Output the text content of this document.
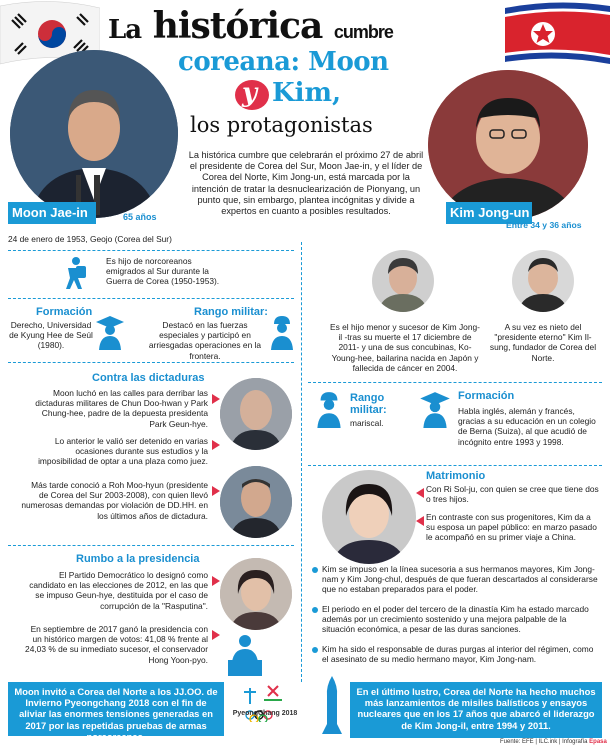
La histórica cumbre
coreana: Moon
y Kim,
los protagonistas
Moon Jae-in	65 años	Kim Jong-un
Entre 34 y 36 años
La histórica cumbre que celebrarán el próximo 27 de abril el presidente de Corea del Sur, Moon Jae-in, y el líder de Corea del Norte, Kim Jong-un, está marcada por la intención de tratar la desnuclearización de Pionyang, un punto que, sin embargo, plantea incógnitas y divide a expertos en cuanto a posibles resultados.
24 de enero de 1953, Geojo (Corea del Sur)
Es hijo de norcoreanos emigrados al Sur durante la Guerra de Corea (1950-1953).
Formación
Derecho, Universidad de Kyung Hee de Seúl (1980).
Rango militar:
Destacó en las fuerzas especiales y participó en arriesgadas operaciones en la frontera.
Contra las dictaduras
Moon luchó en las calles para derribar las dictaduras militares de Chun Doo-hwan y Park Chung-hee, padre de la depuesta presidenta Park Geun-hye.
Lo anterior le valió ser detenido en varias ocasiones durante sus estudios y la imposibilidad de optar a una plaza como juez.
Más tarde conoció a Roh Moo-hyun (presidente de Corea del Sur 2003-2008), con quien llevó numerosas demandas por violación de DD.HH. en los últimos años de dictadura.
Rumbo a la presidencia
El Partido Democrático lo designó como candidato en las elecciones de 2012, en las que se impuso Geun-hye, destituida por el caso de corrupción de la "Rasputina".
En septiembre de 2017 ganó la presidencia con un histórico margen de votos: 41,08 % frente al 24,03 % de su inmediato sucesor, el conservador Hong Yoon-pyo.
Moon invitó a Corea del Norte a los JJ.OO. de Invierno Pyeongchang 2018 con el fin de aliviar las enormes tensiones generadas en 2017 por las repetidas pruebas de armas norcoreanas.
PyeongChang 2018
Es el hijo menor y sucesor de Kim Jong-il -tras su muerte el 17 diciembre de 2011- y una de sus concubinas, Ko-Young-hee, bailarina nacida en Japón y fallecida de cáncer en 2004.
A su vez es nieto del "presidente eterno" Kim Il-sung, fundador de Corea del Norte.
Rango militar:
mariscal.
Formación
Habla inglés, alemán y francés, gracias a su educación en un colegio de Berna (Suiza), al que acudió de incógnito entre 1993 y 1998.
Matrimonio
Con Ri Sol-ju, con quien se cree que tiene dos o tres hijos.
En contraste con sus progenitores, Kim da a su esposa un papel público: en marzo pasado le acompañó en su primer viaje a China.
Kim se impuso en la línea sucesoria a sus hermanos mayores, Kim Jong-nam y Kim Jong-chul, después de que fueran descartados al considerarse que no estaban preparados para el poder.
El periodo en el poder del tercero de la dinastía Kim ha estado marcado además por un crecimiento sostenido y una mejora palpable de la situación económica, a pesar de las duras sanciones.
Kim ha sido el responsable de duras purgas al interior del régimen, como el asesinato de su medio hermano mayor, Kim Jong-nam.
En el último lustro, Corea del Norte ha hecho muchos más lanzamientos de misiles balísticos y ensayos nucleares que en los 17 años que abarcó el liderazgo de Kim Jong-il, entre 1994 y 2011.
Fuente: EFE | ILC.ink | Infografía Epasa
